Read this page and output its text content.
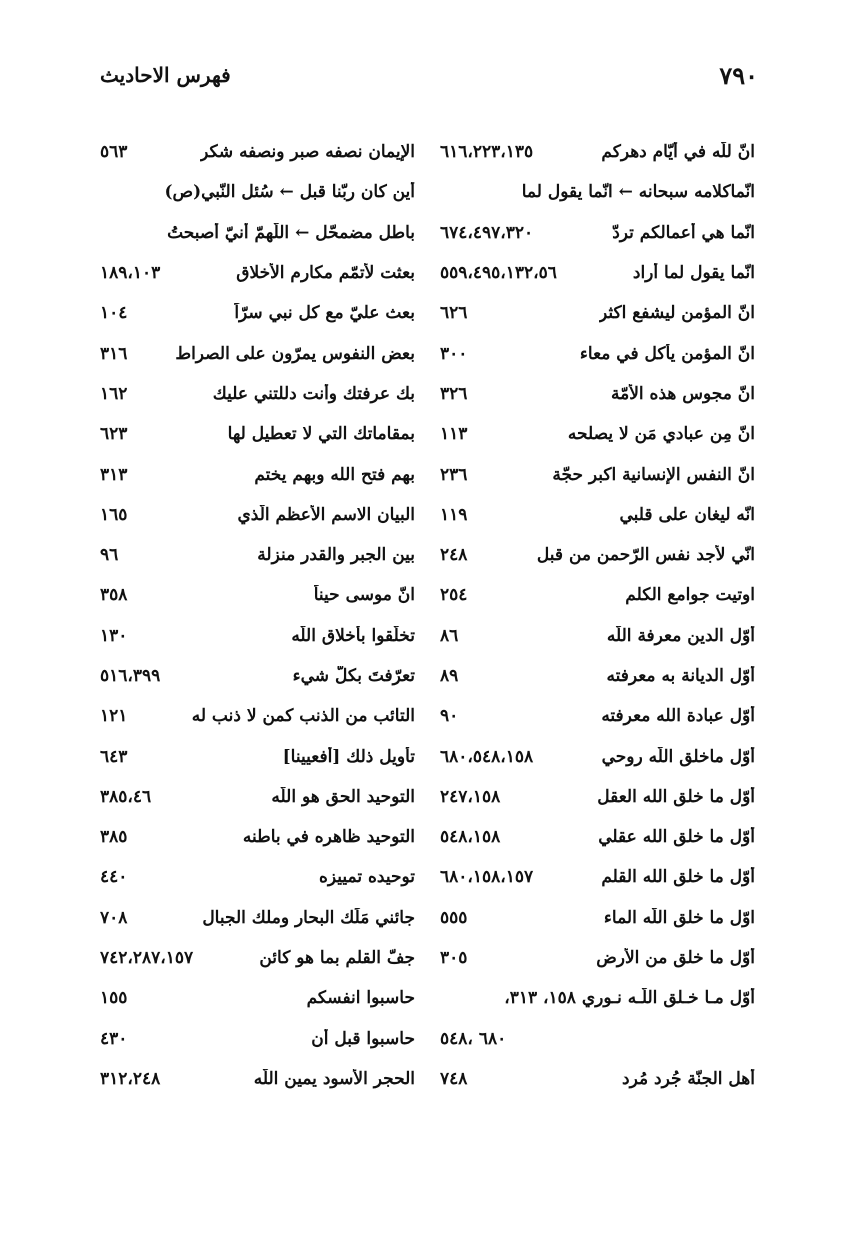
٧٩٠
فهرس الاحاديث
انّ للّه في أيّام دهركم
٦١٦،٢٢٣،١٣٥
انّماكلامه سبحانه ← انّما يقول لما
انّما هي أعمالكم تردّ
٦٧٤،٤٩٧،٣٢٠
انّما يقول لما أراد
٥٥٩،٤٩٥،١٣٢،٥٦
انّ المؤمن ليشفع اكثر
٦٢٦
انّ المؤمن يأكل في معاء
٣٠٠
انّ مجوس هذه الأمّة
٣٢٦
انّ مِن عبادي مَن لا يصلحه
١١٣
انّ النفس الإنسانية اكبر حجّة
٢٣٦
انّه ليغان على قلبي
١١٩
انّي لأجد نفس الرّحمن من قبل
٢٤٨
اوتيت جوامع الكلم
٢٥٤
أوّل الدين معرفة اللّه
٨٦
أوّل الديانة به معرفته
٨٩
أوّل عبادة الله معرفته
٩٠
أوّل ماخلق اللّه روحي
٦٨٠،٥٤٨،١٥٨
أوّل ما خلق الله العقل
٢٤٧،١٥٨
أوّل ما خلق الله عقلي
٥٤٨،١٥٨
أوّل ما خلق الله القلم
٦٨٠،١٥٨،١٥٧
اوّل ما خلق اللّه الماء
٥٥٥
أوّل ما خلق من الأرض
٣٠٥
أوّل مـا خـلق اللّـه نـوري ١٥٨، ٣١٣،
٦٨٠ ،٥٤٨
أهل الجنّة جُرد مُرد
٧٤٨
الإيمان نصفه صبر ونصفه شكر
٥٦٣
أين كان ربّنا قبل ← سُئل النّبي(ص)
باطل مضمحّل ← اللّهمّ أنيّ أصبحتُ
بعثت لأتمّم مكارم الأخلاق
١٨٩،١٠٣
بعث عليّ مع كل نبي سرّاً
١٠٤
بعض النفوس يمرّون على الصراط
٣١٦
بك عرفتك وأنت دللتني عليك
١٦٢
بمقاماتك التي لا تعطيل لها
٦٢٣
بهم فتح الله وبهم يختم
٣١٣
البيان الاسم الأعظم الّذي
١٦٥
بين الجبر والقدر منزلة
٩٦
انّ موسى حيناً
٣٥٨
تخلّقوا بأخلاق اللّه
١٣٠
تعرّفتَ بكلّ شيء
٥١٦،٣٩٩
التائب من الذنب كمن لا ذنب له
١٢١
تأويل ذلك [أفعيينا]
٦٤٣
التوحيد الحق هو اللّه
٣٨٥،٤٦
التوحيد ظاهره في باطنه
٣٨٥
توحيده تمييزه
٤٤٠
جائني مَلَك البحار وملك الجبال
٧٠٨
جفّ القلم بما هو كائن
٧٤٢،٢٨٧،١٥٧
حاسبوا انفسكم
١٥٥
حاسبوا قبل أن
٤٣٠
الحجر الأسود يمين اللّه
٣١٢،٢٤٨
